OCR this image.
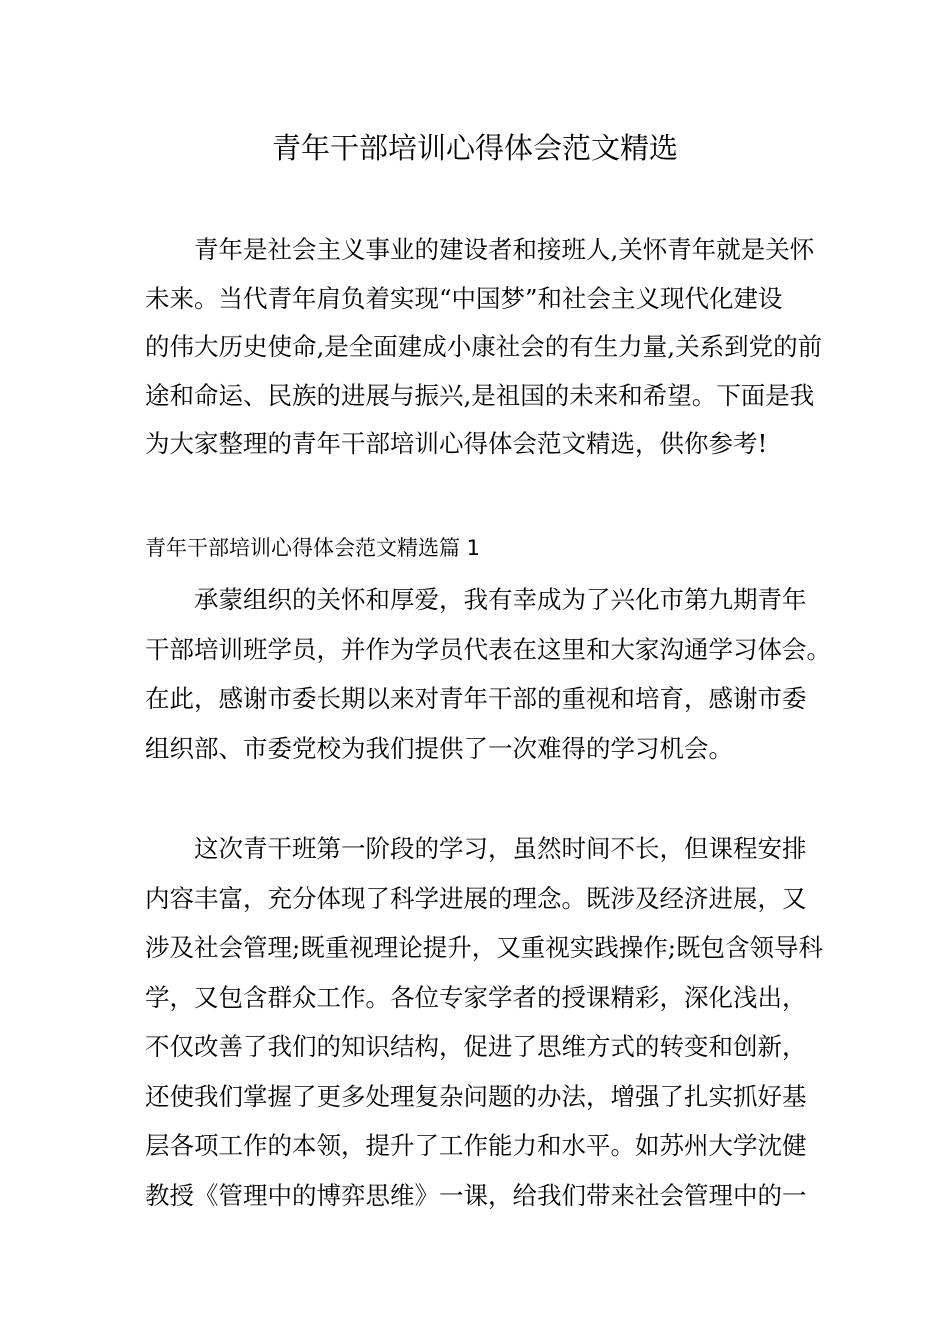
青年干部培训心得体会范文精选
　　青年是社会主义事业的建设者和接班人,关怀青年就是关怀
未来。当代青年肩负着实现“中国梦”和社会主义现代化建设
的伟大历史使命,是全面建成小康社会的有生力量,关系到党的前
途和命运、民族的进展与振兴,是祖国的未来和希望。下面是我
为大家整理的青年干部培训心得体会范文精选，供你参考!
青年干部培训心得体会范文精选篇 1
　　承蒙组织的关怀和厚爱，我有幸成为了兴化市第九期青年
干部培训班学员，并作为学员代表在这里和大家沟通学习体会。
在此，感谢市委长期以来对青年干部的重视和培育，感谢市委
组织部、市委党校为我们提供了一次难得的学习机会。
　　这次青干班第一阶段的学习，虽然时间不长，但课程安排
内容丰富，充分体现了科学进展的理念。既涉及经济进展，又
涉及社会管理;既重视理论提升，又重视实践操作;既包含领导科
学，又包含群众工作。各位专家学者的授课精彩，深化浅出，
不仅改善了我们的知识结构，促进了思维方式的转变和创新，
还使我们掌握了更多处理复杂问题的办法，增强了扎实抓好基
层各项工作的本领，提升了工作能力和水平。如苏州大学沈健
教授《管理中的博弈思维》一课，给我们带来社会管理中的一
